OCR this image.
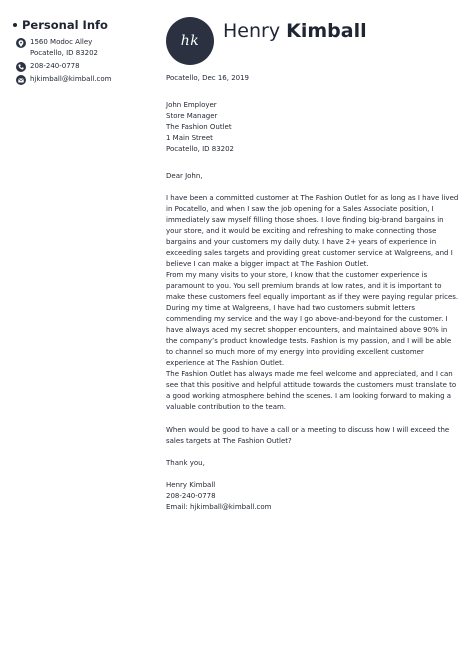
Personal Info
1560 Modoc Alley
Pocatello, ID 83202
208-240-0778
hjkimball@kimball.com
hk Henry Kimball

Pocatello, Dec 16, 2019

John Employer

Store Manager

The Fashion Outlet

1 Main Street

Pocatello, ID 83202

Dear John,

I have been a committed customer at The Fashion Outlet for as long as I have lived in Pocatello, and when I saw the job opening for a Sales Associate position, I immediately saw myself filling those shoes. I love finding big-brand bargains in your store, and it would be exciting and refreshing to make connecting those bargains and your customers my daily duty. I have 2+ years of experience in exceeding sales targets and providing great customer service at Walgreens, and I believe I can make a bigger impact at The Fashion Outlet.

From my many visits to your store, I know that the customer experience is paramount to you. You sell premium brands at low rates, and it is important to make these customers feel equally important as if they were paying regular prices. During my time at Walgreens, I have had two customers submit letters commending my service and the way I go above-and-beyond for the customer. I have always aced my secret shopper encounters, and maintained above 90% in the company’s product knowledge tests. Fashion is my passion, and I will be able to channel so much more of my energy into providing excellent customer experience at The Fashion Outlet.

The Fashion Outlet has always made me feel welcome and appreciated, and I can see that this positive and helpful attitude towards the customers must translate to a good working atmosphere behind the scenes. I am looking forward to making a valuable contribution to the team.

When would be good to have a call or a meeting to discuss how I will exceed the sales targets at The Fashion Outlet?

Thank you,

Henry Kimball

208-240-0778

Email: hjkimball@kimball.com
